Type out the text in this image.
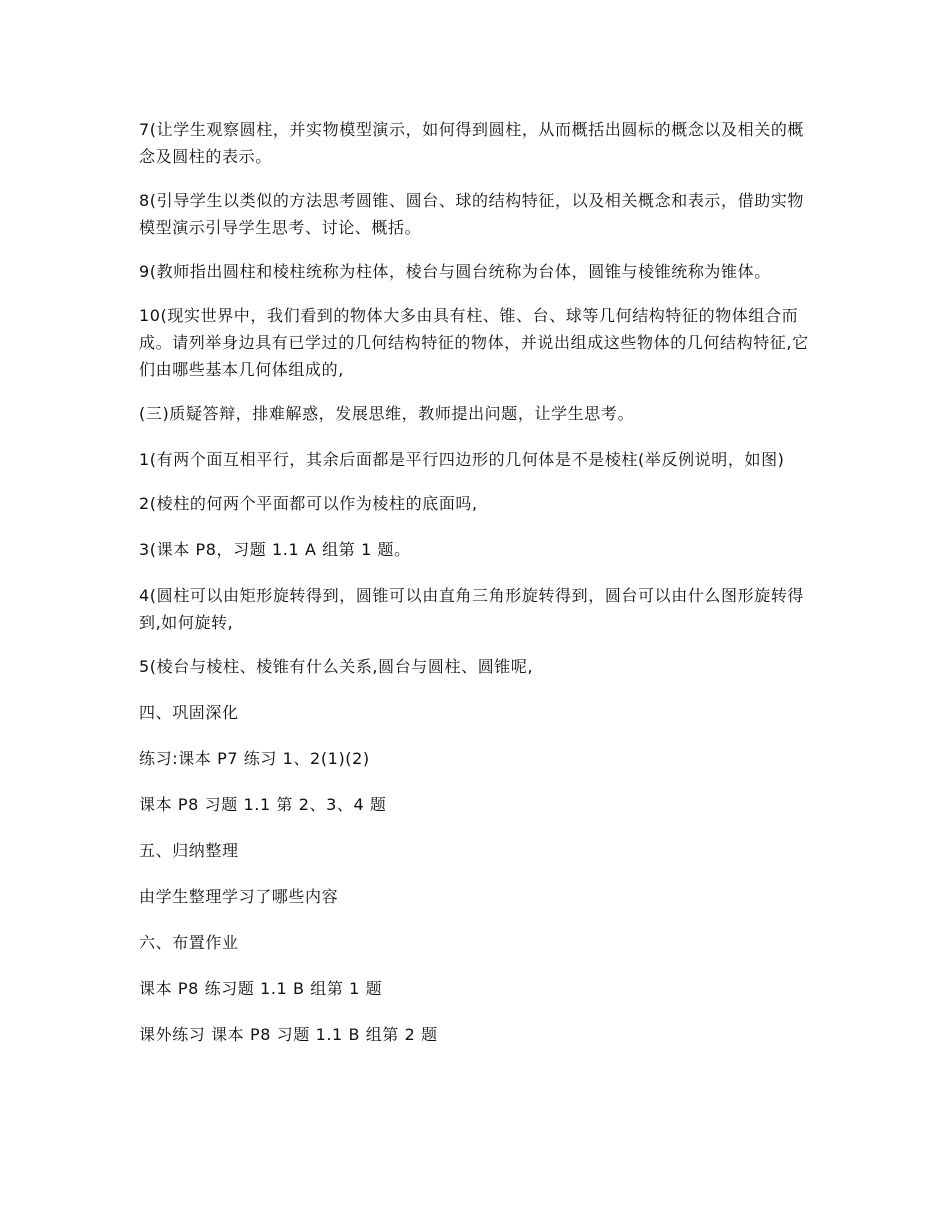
7(让学生观察圆柱，并实物模型演示，如何得到圆柱，从而概括出圆标的概念以及相关的概念及圆柱的表示。

8(引导学生以类似的方法思考圆锥、圆台、球的结构特征，以及相关概念和表示，借助实物模型演示引导学生思考、讨论、概括。

9(教师指出圆柱和棱柱统称为柱体，棱台与圆台统称为台体，圆锥与棱锥统称为锥体。

10(现实世界中，我们看到的物体大多由具有柱、锥、台、球等几何结构特征的物体组合而成。请列举身边具有已学过的几何结构特征的物体，并说出组成这些物体的几何结构特征,它们由哪些基本几何体组成的,

(三)质疑答辩，排难解惑，发展思维，教师提出问题，让学生思考。

1(有两个面互相平行，其余后面都是平行四边形的几何体是不是棱柱(举反例说明，如图)

2(棱柱的何两个平面都可以作为棱柱的底面吗,

3(课本 P8，习题 1.1 A 组第 1 题。

4(圆柱可以由矩形旋转得到，圆锥可以由直角三角形旋转得到，圆台可以由什么图形旋转得到,如何旋转,

5(棱台与棱柱、棱锥有什么关系,圆台与圆柱、圆锥呢,

四、巩固深化

练习:课本 P7 练习 1、2(1)(2)

课本 P8 习题 1.1 第 2、3、4 题

五、归纳整理

由学生整理学习了哪些内容

六、布置作业

课本 P8 练习题 1.1 B 组第 1 题

课外练习 课本 P8 习题 1.1 B 组第 2 题
